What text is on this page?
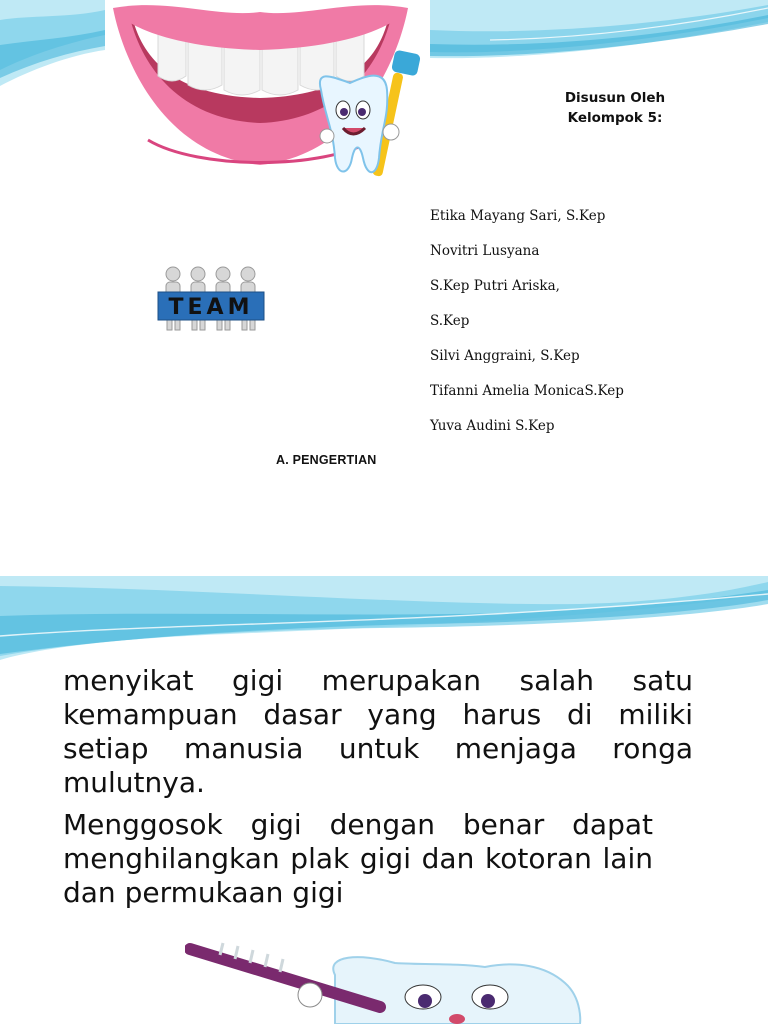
Disusun Oleh
Kelompok 5:
Etika Mayang Sari, S.Kep
Novitri Lusyana
S.Kep Putri Ariska,
S.Kep
Silvi Anggraini, S.Kep
Tifanni Amelia MonicaS.Kep
Yuva Audini S.Kep
TEAM
A. PENGERTIAN

menyikat gigi merupakan salah satu kemampuan dasar yang harus di miliki setiap manusia untuk menjaga ronga mulutnya.

Menggosok gigi dengan benar dapat menghilangkan plak gigi dan kotoran lain dan permukaan gigi
